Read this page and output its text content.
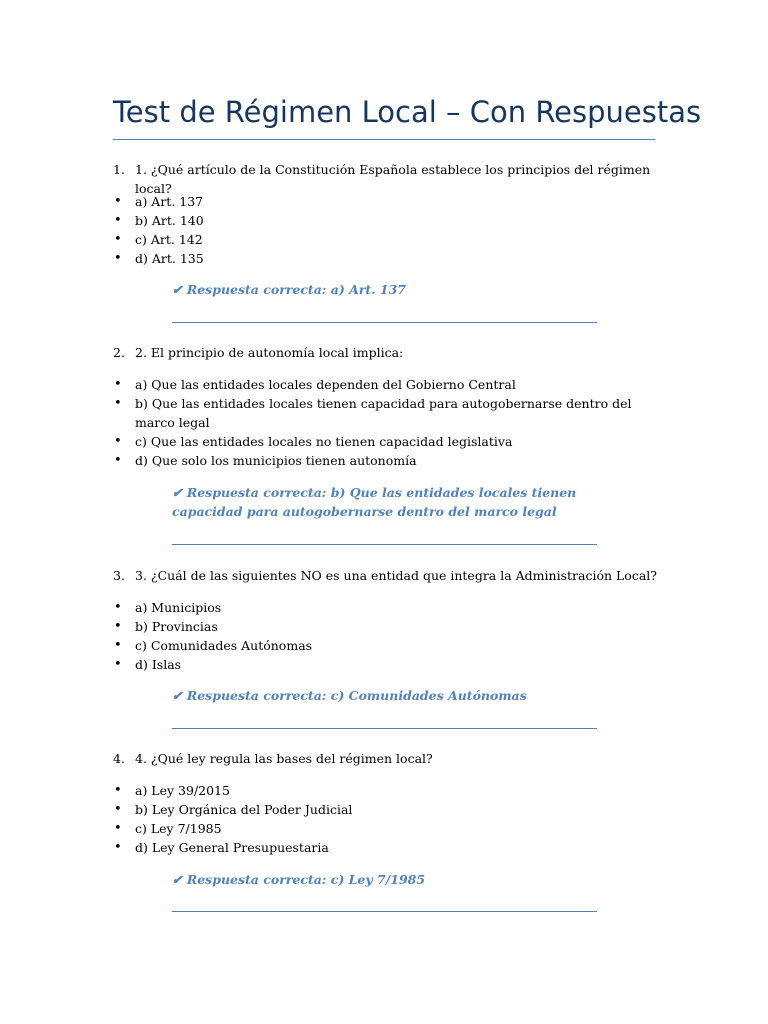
Test de Régimen Local – Con Respuestas
1. 1. ¿Qué artículo de la Constitución Española establece los principios del régimen local?
• a) Art. 137
• b) Art. 140
• c) Art. 142
• d) Art. 135
✔ Respuesta correcta: a) Art. 137
2. 2. El principio de autonomía local implica:
• a) Que las entidades locales dependen del Gobierno Central
• b) Que las entidades locales tienen capacidad para autogobernarse dentro del marco legal
• c) Que las entidades locales no tienen capacidad legislativa
• d) Que solo los municipios tienen autonomía
✔ Respuesta correcta: b) Que las entidades locales tienen capacidad para autogobernarse dentro del marco legal
3. 3. ¿Cuál de las siguientes NO es una entidad que integra la Administración Local?
• a) Municipios
• b) Provincias
• c) Comunidades Autónomas
• d) Islas
✔ Respuesta correcta: c) Comunidades Autónomas
4. 4. ¿Qué ley regula las bases del régimen local?
• a) Ley 39/2015
• b) Ley Orgánica del Poder Judicial
• c) Ley 7/1985
• d) Ley General Presupuestaria
✔ Respuesta correcta: c) Ley 7/1985
